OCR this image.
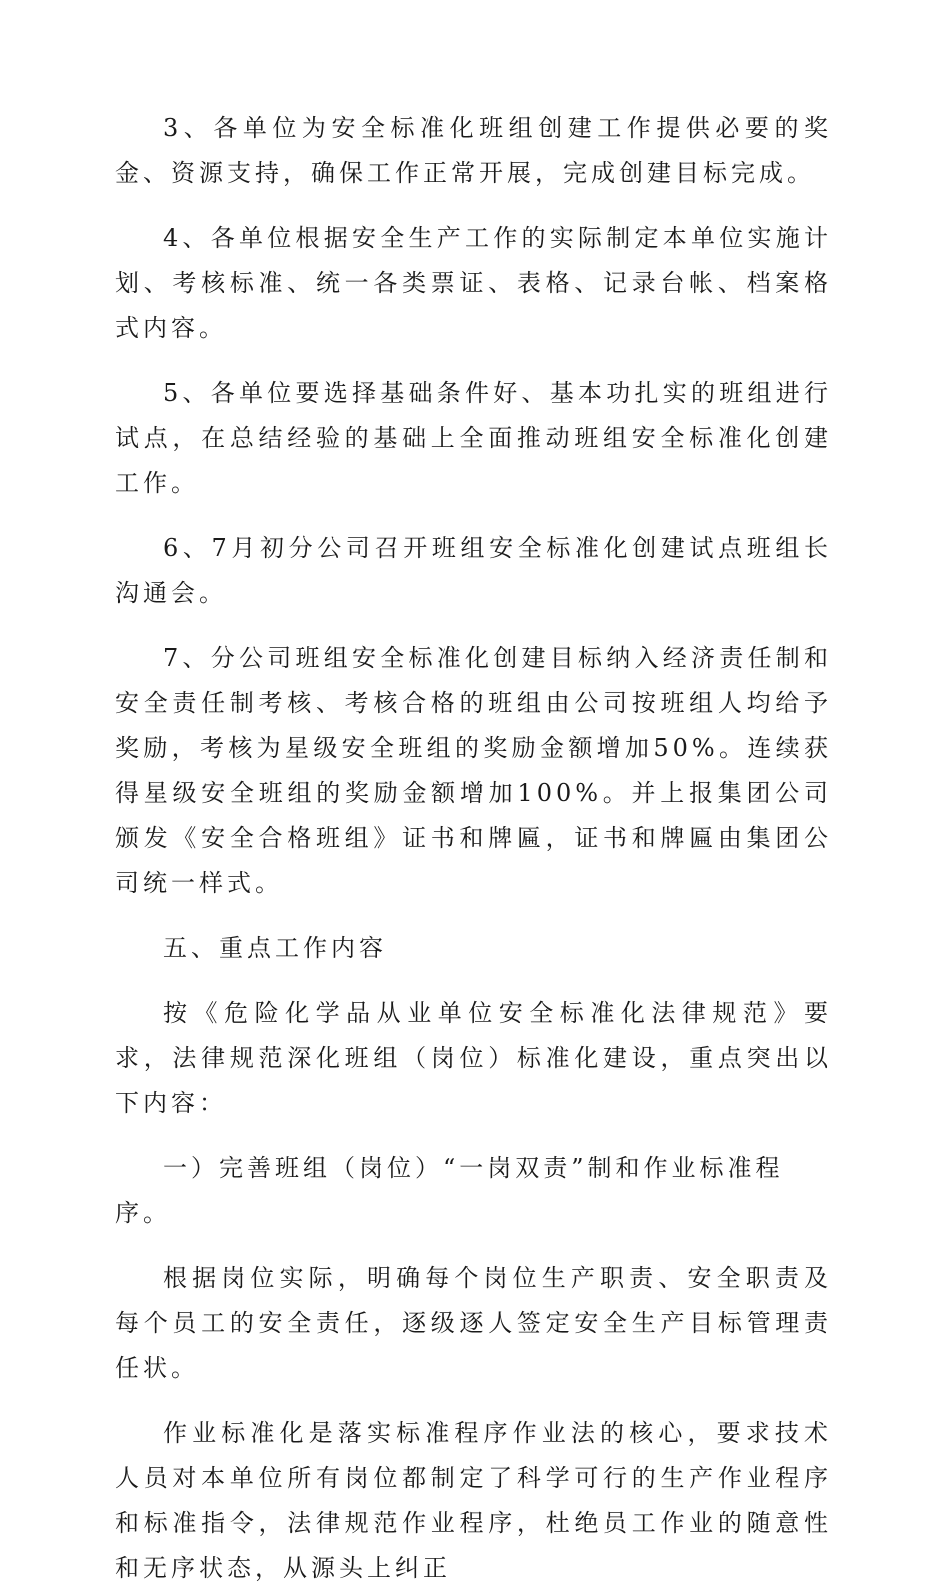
3、各单位为安全标准化班组创建工作提供必要的奖金、资源支持，确保工作正常开展，完成创建目标完成。

4、各单位根据安全生产工作的实际制定本单位实施计划、考核标准、统一各类票证、表格、记录台帐、档案格式内容。

5、各单位要选择基础条件好、基本功扎实的班组进行试点，在总结经验的基础上全面推动班组安全标准化创建工作。

6、7月初分公司召开班组安全标准化创建试点班组长沟通会。

7、分公司班组安全标准化创建目标纳入经济责任制和安全责任制考核、考核合格的班组由公司按班组人均给予奖励，考核为星级安全班组的奖励金额增加50%。连续获得星级安全班组的奖励金额增加100%。并上报集团公司颁发《安全合格班组》证书和牌匾，证书和牌匾由集团公司统一样式。

五、重点工作内容

按《危险化学品从业单位安全标准化法律规范》要求，法律规范深化班组（岗位）标准化建设，重点突出以下内容：

一）完善班组（岗位）“一岗双责”制和作业标准程序。

根据岗位实际，明确每个岗位生产职责、安全职责及每个员工的安全责任，逐级逐人签定安全生产目标管理责任状。

作业标准化是落实标准程序作业法的核心，要求技术人员对本单位所有岗位都制定了科学可行的生产作业程序和标准指令，法律规范作业程序，杜绝员工作业的随意性和无序状态，从源头上纠正
